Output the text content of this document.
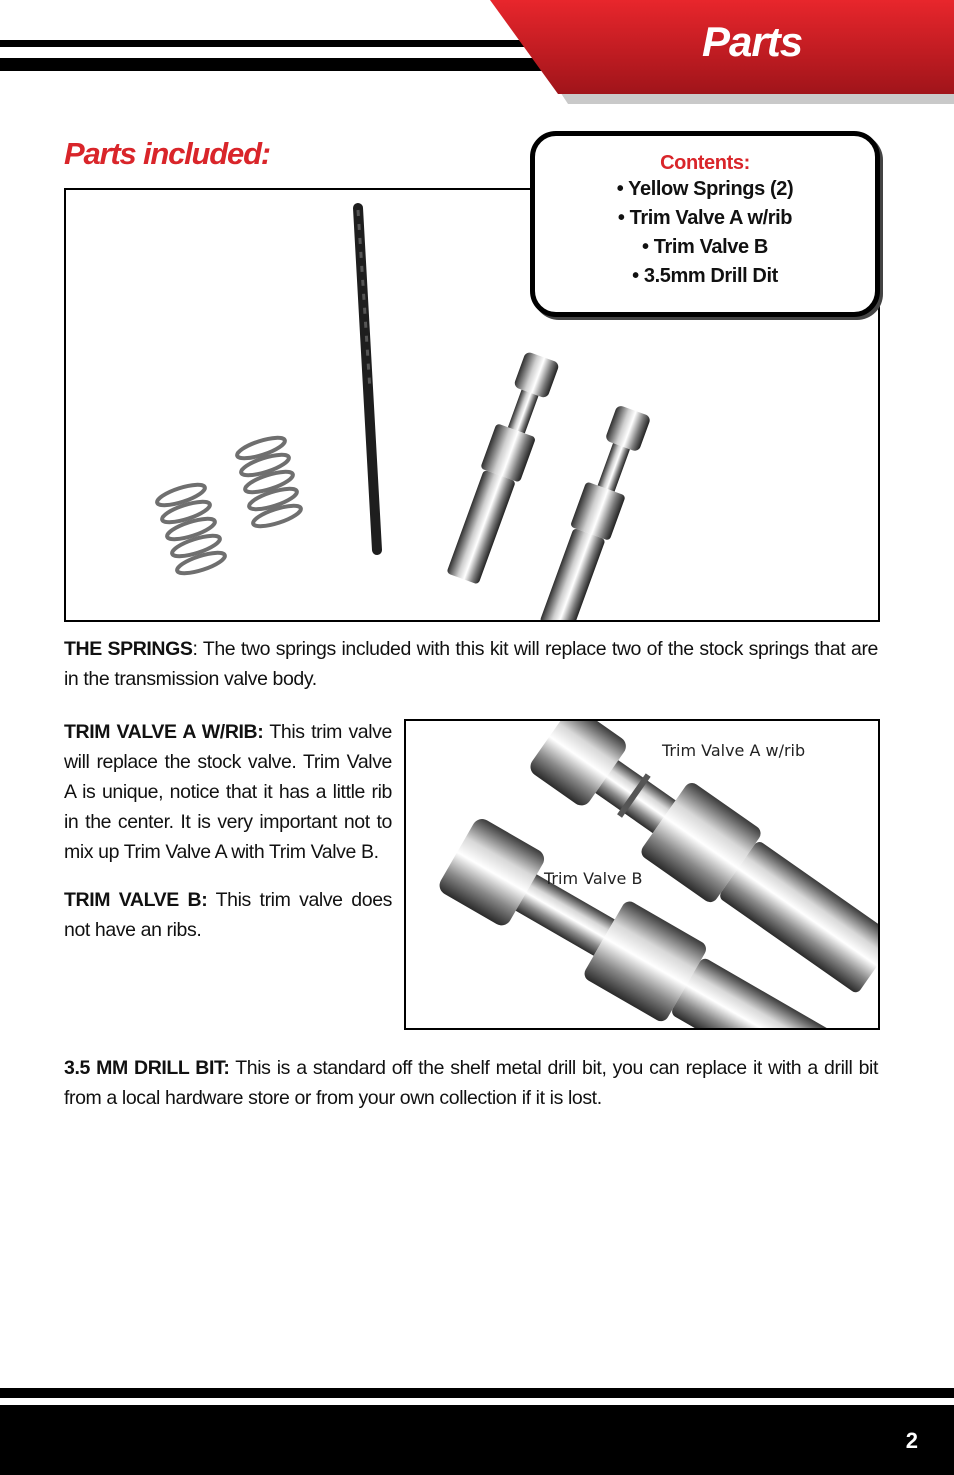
Parts
Parts included:	Contents:
• Yellow Springs (2)
• Trim Valve A w/rib
• Trim Valve B
• 3.5mm Drill Dit
THE SPRINGS: The two springs included with this kit will replace two of the stock springs that are in the transmission valve body.
TRIM VALVE A W/RIB: This trim valve will replace the stock valve. Trim Valve A is unique, notice that it has a little rib in the center. It is very important not to mix up Trim Valve A with Trim Valve B.
TRIM VALVE B: This trim valve does not have an ribs.
Trim Valve A w/rib
Trim Valve B
3.5 MM DRILL BIT: This is a standard off the shelf metal drill bit, you can replace it with a drill bit from a local hardware store or from your own collection if it is lost.
2
